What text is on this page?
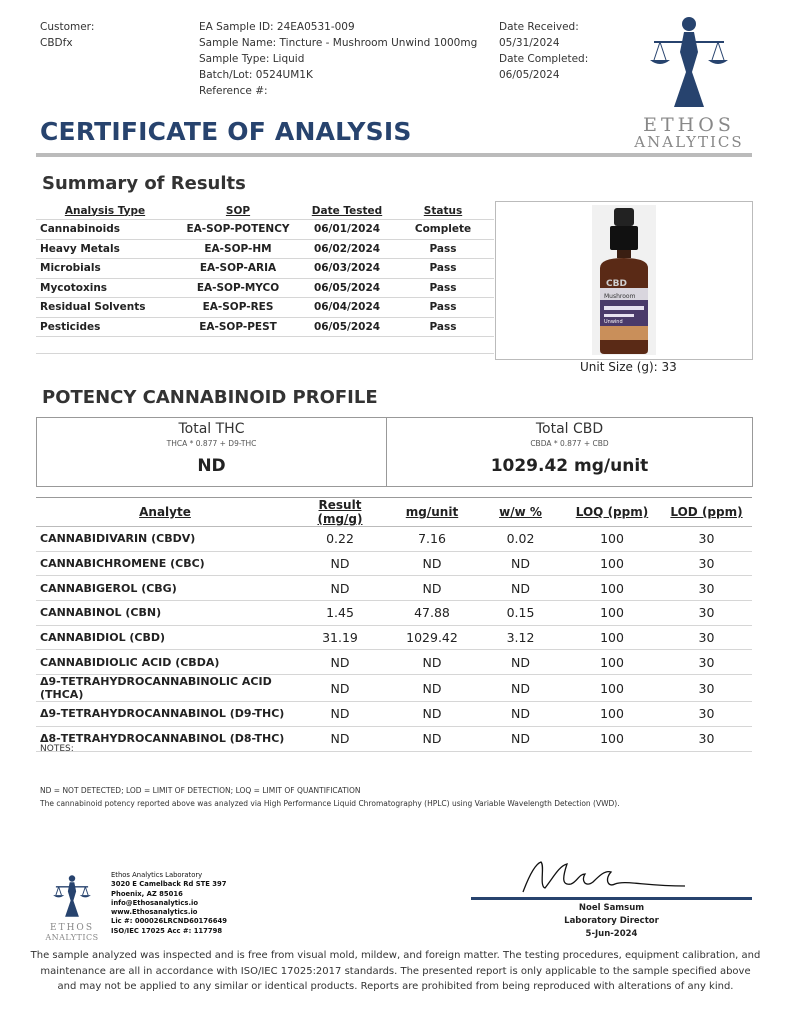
Customer:
CBDfx
EA Sample ID: 24EA0531-009
Sample Name: Tincture - Mushroom Unwind 1000mg
Sample Type: Liquid
Batch/Lot: 0524UM1K
Reference #:
Date Received:
05/31/2024
Date Completed:
06/05/2024
ETHOS
ANALYTICS
CERTIFICATE OF ANALYSIS
Summary of Results
Analysis Type	SOP	Date Tested	Status
Cannabinoids	EA-SOP-POTENCY	06/01/2024	Complete
Heavy Metals	EA-SOP-HM	06/02/2024	Pass
Microbials	EA-SOP-ARIA	06/03/2024	Pass
Mycotoxins	EA-SOP-MYCO	06/05/2024	Pass
Residual Solvents	EA-SOP-RES	06/04/2024	Pass
Pesticides	EA-SOP-PEST	06/05/2024	Pass

CBD
Mushroom
Unwind
Unit Size (g): 33
POTENCY CANNABINOID PROFILE
Total THC
THCA * 0.877 + D9-THC
ND
Total CBD
CBDA * 0.877 + CBD
1029.42 mg/unit
Analyte	Result (mg/g)	mg/unit	w/w %	LOQ (ppm)	LOD (ppm)
CANNABIDIVARIN (CBDV)	0.22	7.16	0.02	100	30
CANNABICHROMENE (CBC)	ND	ND	ND	100	30
CANNABIGEROL (CBG)	ND	ND	ND	100	30
CANNABINOL (CBN)	1.45	47.88	0.15	100	30
CANNABIDIOL (CBD)	31.19	1029.42	3.12	100	30
CANNABIDIOLIC ACID (CBDA)	ND	ND	ND	100	30
Δ9-TETRAHYDROCANNABINOLIC ACID (THCA)	ND	ND	ND	100	30
Δ9-TETRAHYDROCANNABINOL (D9-THC)	ND	ND	ND	100	30
Δ8-TETRAHYDROCANNABINOL (D8-THC)	ND	ND	ND	100	30
NOTES:
ND = NOT DETECTED; LOD = LIMIT OF DETECTION; LOQ = LIMIT OF QUANTIFICATION
The cannabinoid potency reported above was analyzed via High Performance Liquid Chromatography (HPLC) using Variable Wavelength Detection (VWD).
ETHOS
ANALYTICS
Ethos Analytics Laboratory
3020 E Camelback Rd STE 397
Phoenix, AZ 85016
info@Ethosanalytics.io
www.Ethosanalytics.io
Lic #: 000026LRCND60176649
ISO/IEC 17025 Acc #: 117798
Noel Samsum
Laboratory Director
5-Jun-2024
The sample analyzed was inspected and is free from visual mold, mildew, and foreign matter. The testing procedures, equipment calibration, and maintenance are all in accordance with ISO/IEC 17025:2017 standards. The presented report is only applicable to the sample specified above and may not be applied to any similar or identical products. Reports are prohibited from being reproduced with alterations of any kind.
